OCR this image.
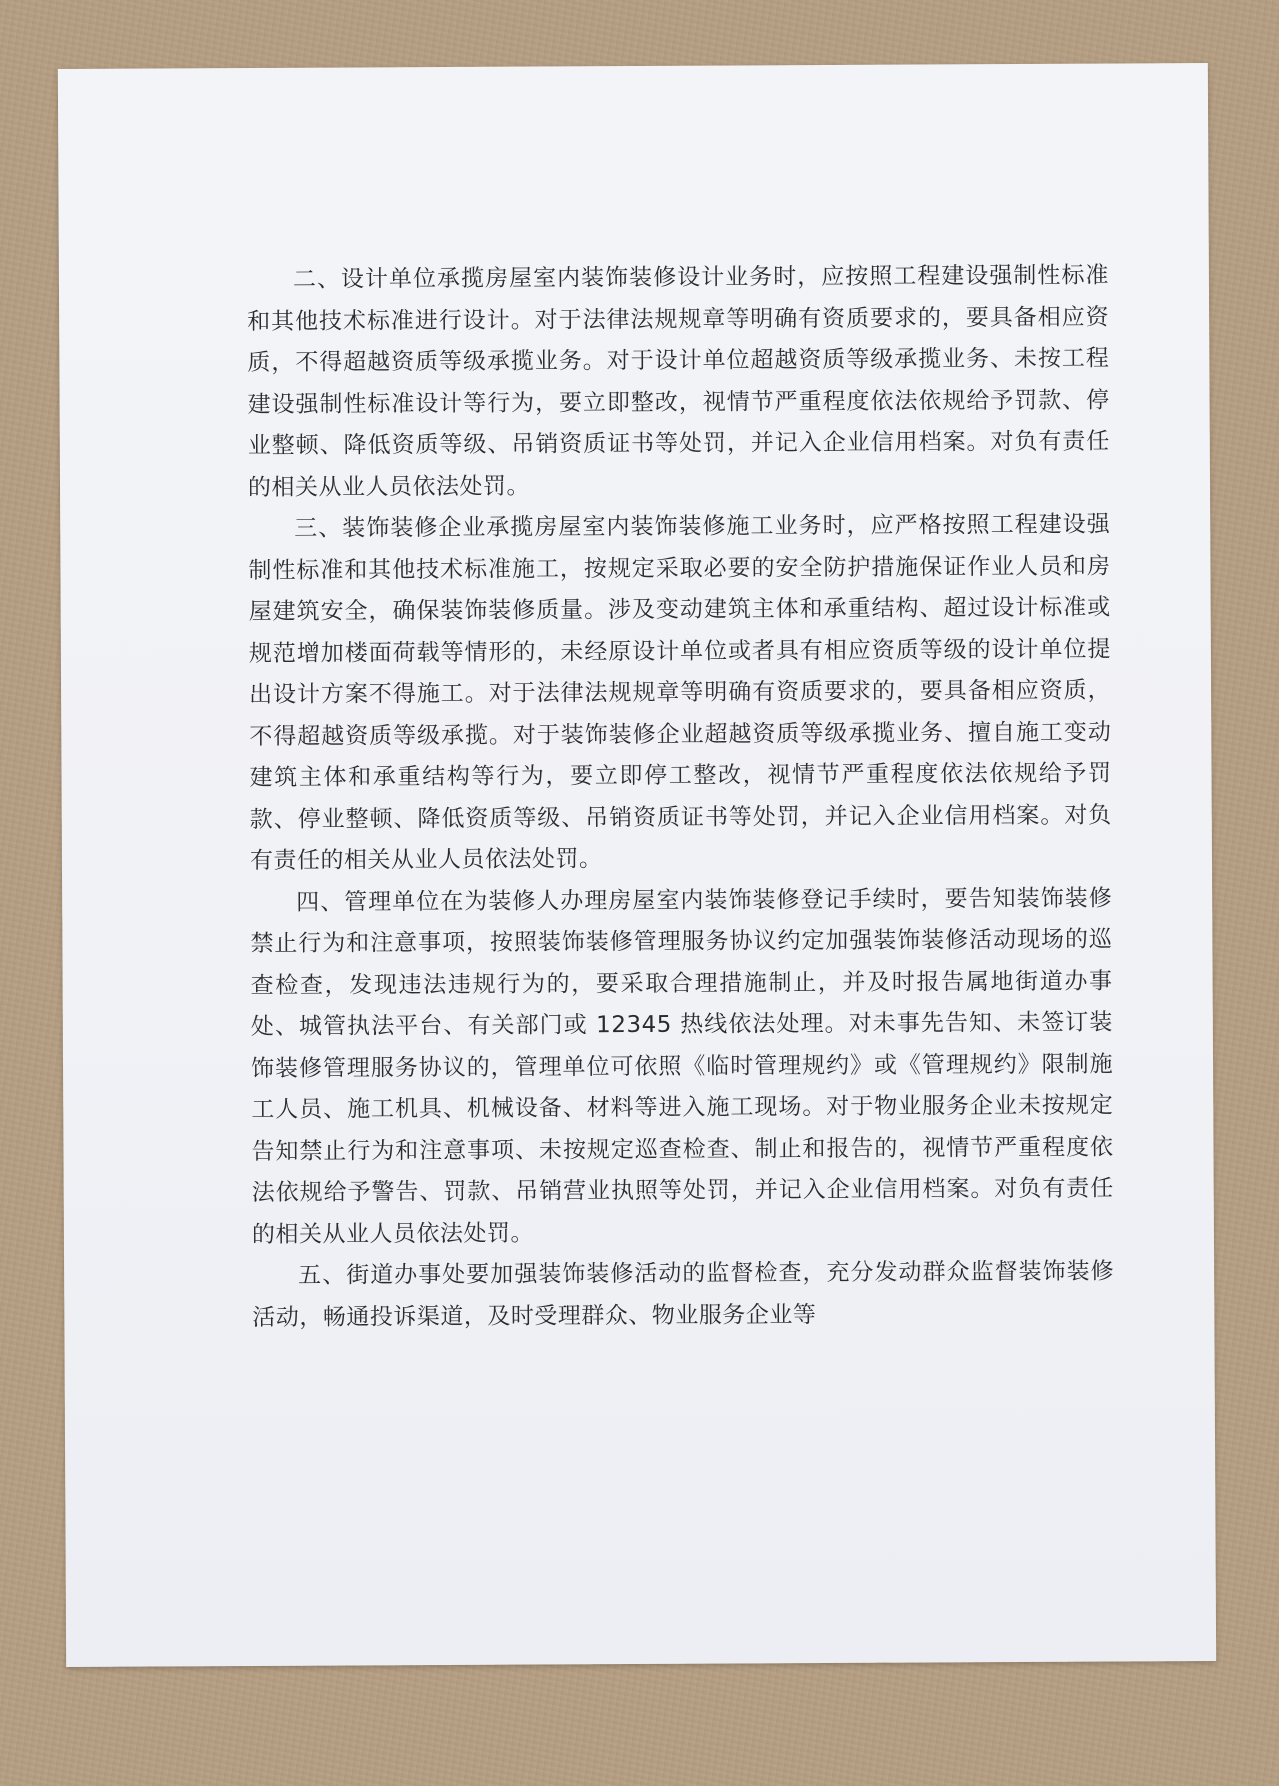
二、设计单位承揽房屋室内装饰装修设计业务时，应按照工程建设强制性标准和其他技术标准进行设计。对于法律法规规章等明确有资质要求的，要具备相应资质，不得超越资质等级承揽业务。对于设计单位超越资质等级承揽业务、未按工程建设强制性标准设计等行为，要立即整改，视情节严重程度依法依规给予罚款、停业整顿、降低资质等级、吊销资质证书等处罚，并记入企业信用档案。对负有责任的相关从业人员依法处罚。

三、装饰装修企业承揽房屋室内装饰装修施工业务时，应严格按照工程建设强制性标准和其他技术标准施工，按规定采取必要的安全防护措施保证作业人员和房屋建筑安全，确保装饰装修质量。涉及变动建筑主体和承重结构、超过设计标准或规范增加楼面荷载等情形的，未经原设计单位或者具有相应资质等级的设计单位提出设计方案不得施工。对于法律法规规章等明确有资质要求的，要具备相应资质，不得超越资质等级承揽。对于装饰装修企业超越资质等级承揽业务、擅自施工变动建筑主体和承重结构等行为，要立即停工整改，视情节严重程度依法依规给予罚款、停业整顿、降低资质等级、吊销资质证书等处罚，并记入企业信用档案。对负有责任的相关从业人员依法处罚。

四、管理单位在为装修人办理房屋室内装饰装修登记手续时，要告知装饰装修禁止行为和注意事项，按照装饰装修管理服务协议约定加强装饰装修活动现场的巡查检查，发现违法违规行为的，要采取合理措施制止，并及时报告属地街道办事处、城管执法平台、有关部门或 12345 热线依法处理。对未事先告知、未签订装饰装修管理服务协议的，管理单位可依照《临时管理规约》或《管理规约》限制施工人员、施工机具、机械设备、材料等进入施工现场。对于物业服务企业未按规定告知禁止行为和注意事项、未按规定巡查检查、制止和报告的，视情节严重程度依法依规给予警告、罚款、吊销营业执照等处罚，并记入企业信用档案。对负有责任的相关从业人员依法处罚。

五、街道办事处要加强装饰装修活动的监督检查，充分发动群众监督装饰装修活动，畅通投诉渠道，及时受理群众、物业服务企业等
